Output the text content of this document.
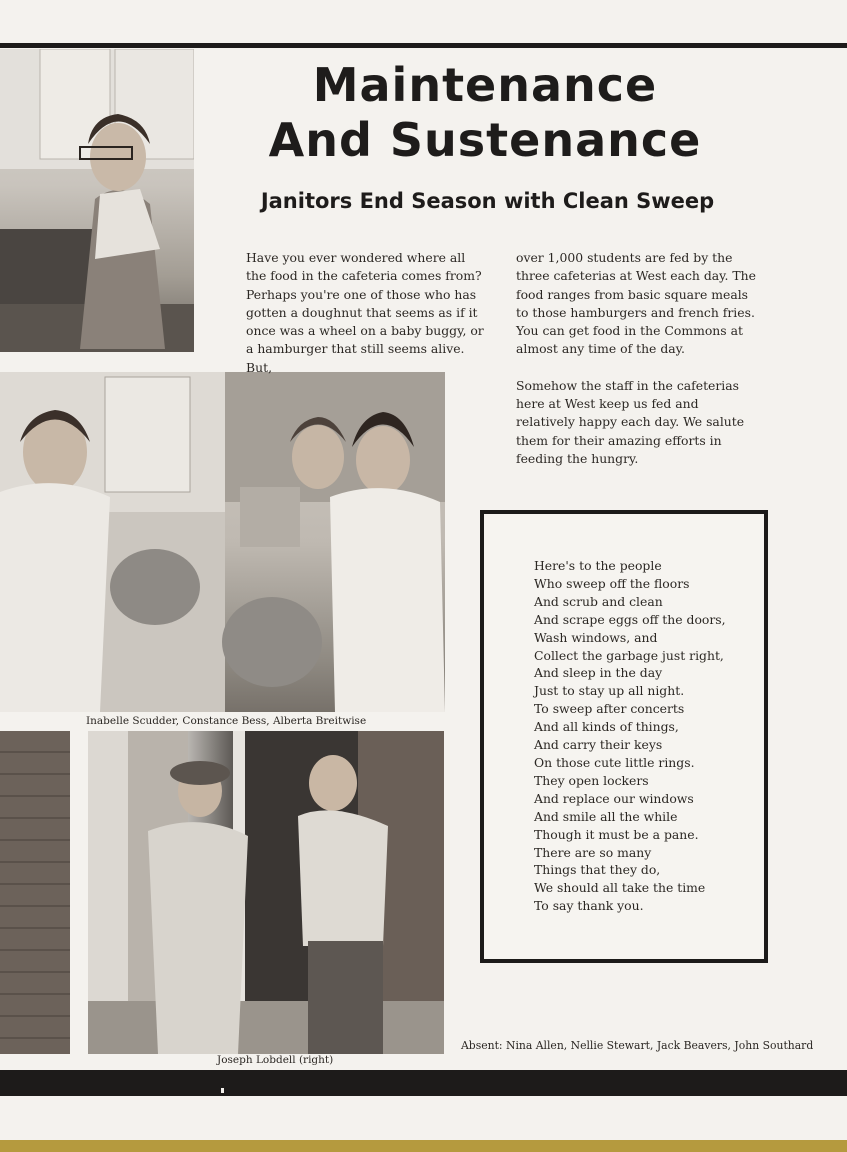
Maintenance
And Sustenance
Janitors End Season with Clean Sweep

Have you ever wondered where all the food in the cafeteria comes from? Perhaps you're one of those who has gotten a doughnut that seems as if it once was a wheel on a baby buggy, or a hamburger that still seems alive. But,

over 1,000 students are fed by the three cafeterias at West each day. The food ranges from basic square meals to those hamburgers and french fries. You can get food in the Commons at almost any time of the day.

Somehow the staff in the cafeterias here at West keep us fed and relatively happy each day. We salute them for their amazing efforts in feeding the hungry.

Here's to the people
Who sweep off the floors
And scrub and clean
And scrape eggs off the doors,
Wash windows, and
Collect the garbage just right,
And sleep in the day
Just to stay up all night.
To sweep after concerts
And all kinds of things,
And carry their keys
On those cute little rings.
They open lockers
And replace our windows
And smile all the while
Though it must be a pane.
There are so many
Things that they do,
We should all take the time
To say thank you.
Inabelle Scudder, Constance Bess, Alberta Breitwise
Joseph Lobdell (right)
Absent: Nina Allen, Nellie Stewart, Jack Beavers, John Southard
